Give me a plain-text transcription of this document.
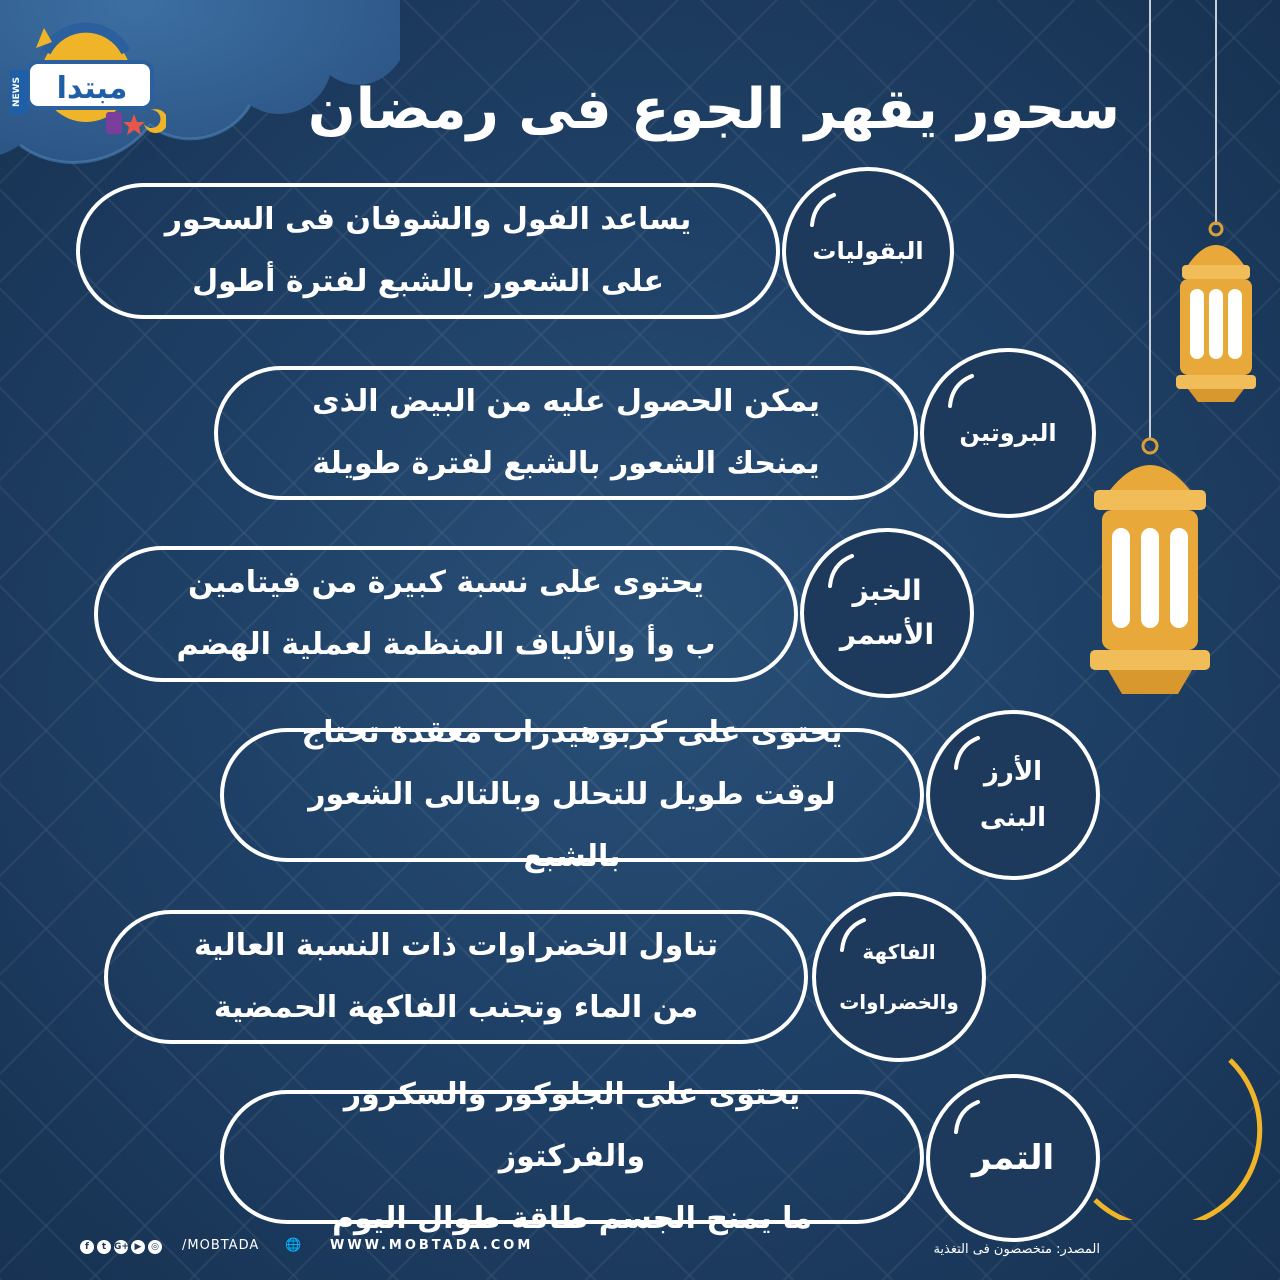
مبتدا
NEWS	سحور يقهر الجوع فى رمضان
يساعد الفول والشوفان فى السحور
على الشعور بالشبع لفترة أطول
البقوليات
يمكن الحصول عليه من البيض الذى
يمنحك الشعور بالشبع لفترة طويلة
البروتين
يحتوى على نسبة كبيرة من فيتامين
ب وأ والألياف المنظمة لعملية الهضم
الخبز
الأسمر
يحتوى على كربوهيدرات معقدة تحتاج
لوقت طويل للتحلل وبالتالى الشعور بالشبع
الأرز
البنى
تناول الخضراوات ذات النسبة العالية
من الماء وتجنب الفاكهة الحمضية
الفاكهة
والخضراوات
يحتوى على الجلوكوز والسكروز والفركتوز
ما يمنح الجسم طاقة طوال اليوم
التمر
f	t G+ ▶	◎ /MOBTADA 🌐 WWW.MOBTADA.COM	المصدر: متخصصون فى التغذية
